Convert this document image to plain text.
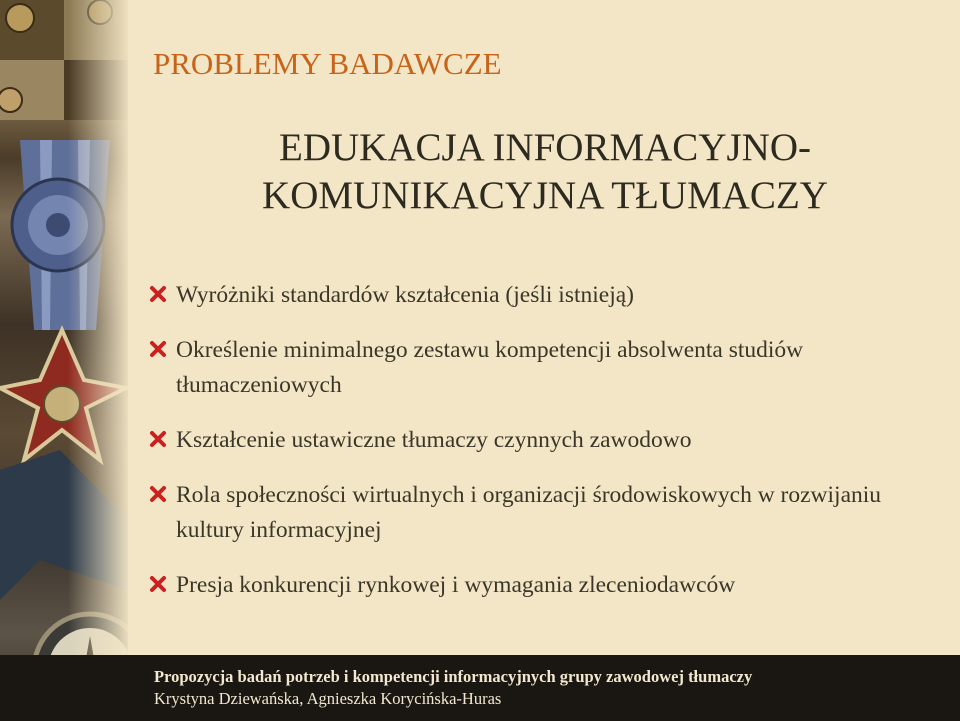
PROBLEMY BADAWCZE
EDUKACJA INFORMACYJNO-KOMUNIKACYJNA TŁUMACZY
Wyróżniki standardów kształcenia (jeśli istnieją)
Określenie minimalnego zestawu kompetencji absolwenta studiów tłumaczeniowych
Kształcenie ustawiczne tłumaczy czynnych zawodowo
Rola społeczności wirtualnych i organizacji środowiskowych w rozwijaniu kultury informacyjnej
Presja konkurencji rynkowej i wymagania zleceniodawców
Propozycja badań potrzeb i kompetencji informacyjnych grupy zawodowej tłumaczy
Krystyna Dziewańska, Agnieszka Korycińska-Huras
